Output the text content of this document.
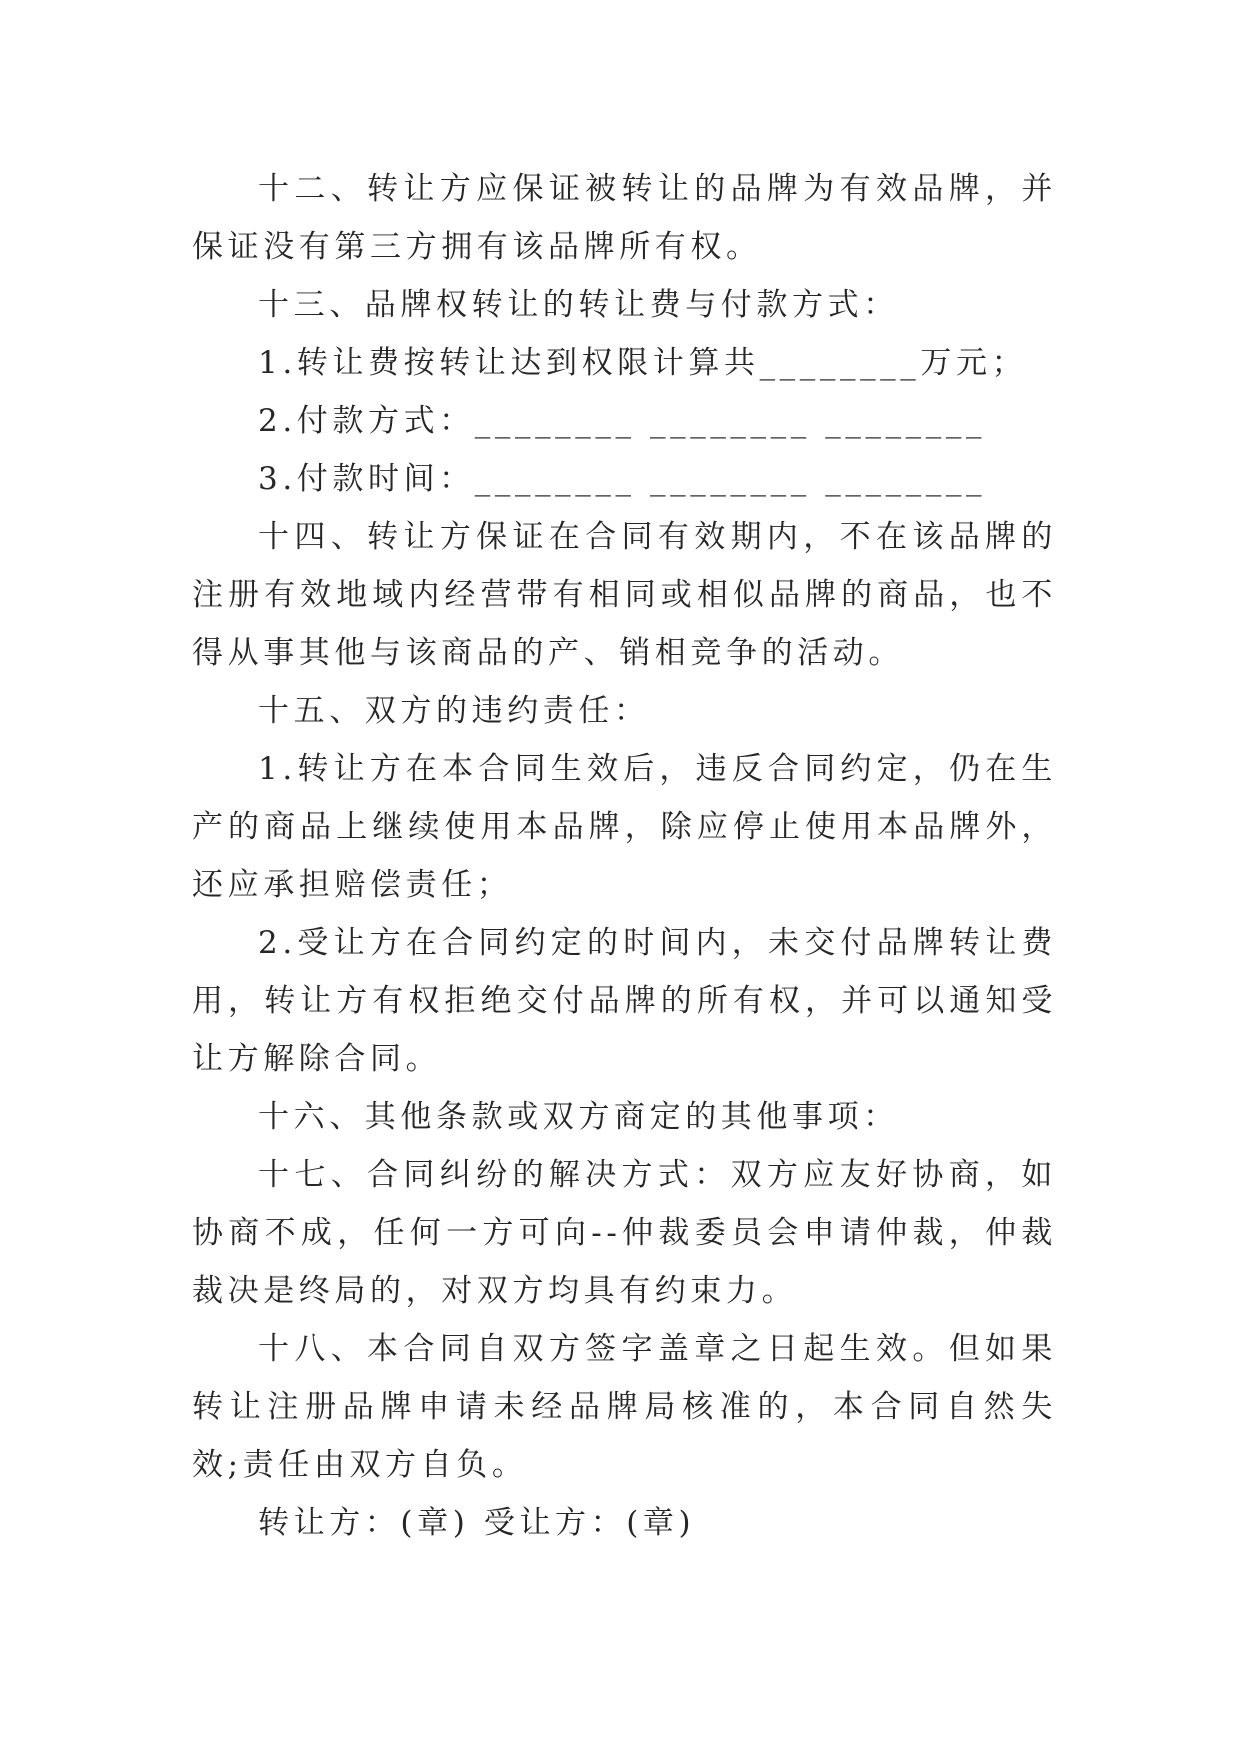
十二、转让方应保证被转让的品牌为有效品牌，并保证没有第三方拥有该品牌所有权。

十三、品牌权转让的转让费与付款方式：

1.转让费按转让达到权限计算共________万元；

2.付款方式：________ ________ ________

3.付款时间：________ ________ ________

十四、转让方保证在合同有效期内，不在该品牌的注册有效地域内经营带有相同或相似品牌的商品，也不得从事其他与该商品的产、销相竞争的活动。

十五、双方的违约责任：

1.转让方在本合同生效后，违反合同约定，仍在生产的商品上继续使用本品牌，除应停止使用本品牌外，还应承担赔偿责任；

2.受让方在合同约定的时间内，未交付品牌转让费用，转让方有权拒绝交付品牌的所有权，并可以通知受让方解除合同。

十六、其他条款或双方商定的其他事项：

十七、合同纠纷的解决方式：双方应友好协商，如协商不成，任何一方可向--仲裁委员会申请仲裁，仲裁裁决是终局的，对双方均具有约束力。

十八、本合同自双方签字盖章之日起生效。但如果转让注册品牌申请未经品牌局核准的，本合同自然失效;责任由双方自负。

转让方：(章) 受让方：(章)
